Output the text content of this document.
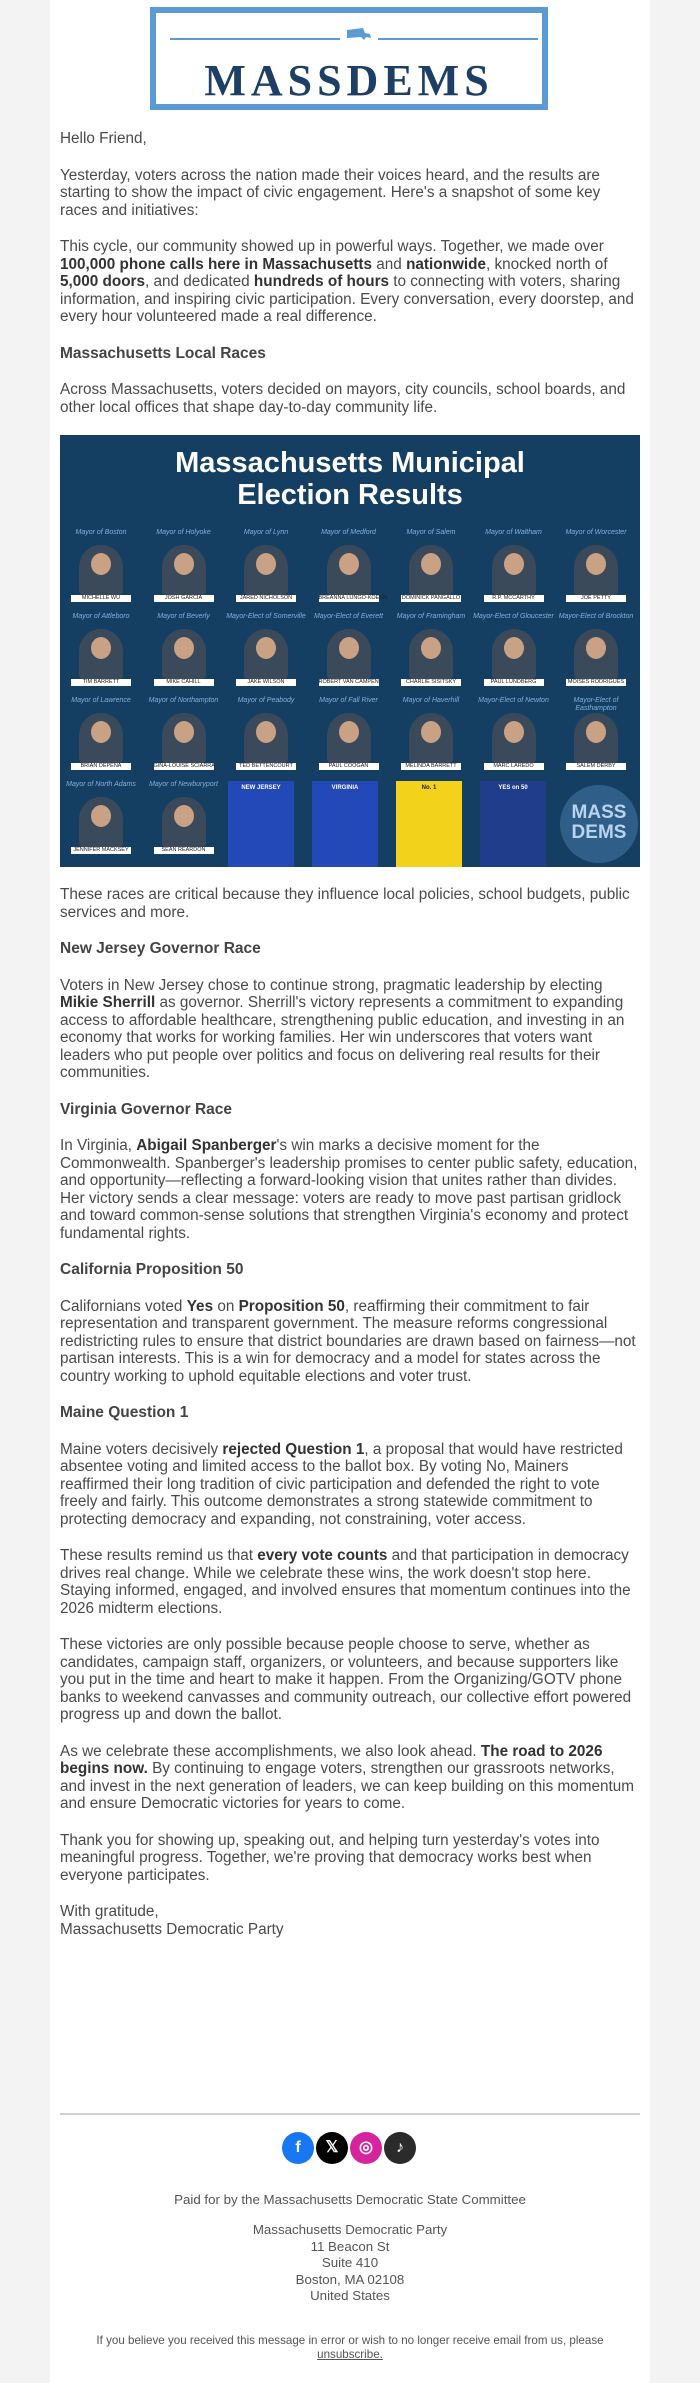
MASSDEMS

Hello Friend,

Yesterday, voters across the nation made their voices heard, and the results are starting to show the impact of civic engagement. Here's a snapshot of some key races and initiatives:

This cycle, our community showed up in powerful ways. Together, we made over 100,000 phone calls here in Massachusetts and nationwide, knocked north of 5,000 doors, and dedicated hundreds of hours to connecting with voters, sharing information, and inspiring civic participation. Every conversation, every doorstep, and every hour volunteered made a real difference.

Massachusetts Local Races

Across Massachusetts, voters decided on mayors, city councils, school boards, and other local offices that shape day-to-day community life.

Massachusetts Municipal
Election Results
Mayor of Boston
MICHELLE WU
Mayor of Holyoke
JOSH GARCIA
Mayor of Lynn
JARED NICHOLSON
Mayor of Medford
BREANNA LUNGO-KOEHN
Mayor of Salem
DOMINICK PANGALLO
Mayor of Waltham
R.P. MCCARTHY
Mayor of Worcester
JOE PETTY
Mayor of Attleboro
TIM BARRETT
Mayor of Beverly
MIKE CAHILL
Mayor-Elect of Somerville
JAKE WILSON
Mayor-Elect of Everett
ROBERT VAN CAMPEN
Mayor of Framingham
CHARLIE SISITSKY
Mayor-Elect of Gloucester
PAUL LUNDBERG
Mayor-Elect of Brockton
MOISES RODRIGUES
Mayor of Lawrence
BRIAN DEPENA
Mayor of Northampton
GINA-LOUISE SCIARRA
Mayor of Peabody
TED BETTENCOURT
Mayor of Fall River
PAUL COOGAN
Mayor of Haverhill
MELINDA BARRETT
Mayor-Elect of Newton
MARC LAREDO
Mayor-Elect of Easthampton
SALEM DERBY
Mayor of North Adams
JENNIFER MACKSEY
Mayor of Newburyport
SEAN REARDON
NEW JERSEY	VIRGINIA	No. 1	YES on 50
MASS
DEMS

These races are critical because they influence local policies, school budgets, public services and more.

New Jersey Governor Race

Voters in New Jersey chose to continue strong, pragmatic leadership by electing Mikie Sherrill as governor. Sherrill's victory represents a commitment to expanding access to affordable healthcare, strengthening public education, and investing in an economy that works for working families. Her win underscores that voters want leaders who put people over politics and focus on delivering real results for their communities.

Virginia Governor Race

In Virginia, Abigail Spanberger's win marks a decisive moment for the Commonwealth. Spanberger's leadership promises to center public safety, education, and opportunity—reflecting a forward-looking vision that unites rather than divides. Her victory sends a clear message: voters are ready to move past partisan gridlock and toward common-sense solutions that strengthen Virginia's economy and protect fundamental rights.

California Proposition 50

Californians voted Yes on Proposition 50, reaffirming their commitment to fair representation and transparent government. The measure reforms congressional redistricting rules to ensure that district boundaries are drawn based on fairness—not partisan interests. This is a win for democracy and a model for states across the country working to uphold equitable elections and voter trust.

Maine Question 1

Maine voters decisively rejected Question 1, a proposal that would have restricted absentee voting and limited access to the ballot box. By voting No, Mainers reaffirmed their long tradition of civic participation and defended the right to vote freely and fairly. This outcome demonstrates a strong statewide commitment to protecting democracy and expanding, not constraining, voter access.

These results remind us that every vote counts and that participation in democracy drives real change. While we celebrate these wins, the work doesn't stop here. Staying informed, engaged, and involved ensures that momentum continues into the 2026 midterm elections.

These victories are only possible because people choose to serve, whether as candidates, campaign staff, organizers, or volunteers, and because supporters like you put in the time and heart to make it happen. From the Organizing/GOTV phone banks to weekend canvasses and community outreach, our collective effort powered progress up and down the ballot.

As we celebrate these accomplishments, we also look ahead. The road to 2026 begins now. By continuing to engage voters, strengthen our grassroots networks, and invest in the next generation of leaders, we can keep building on this momentum and ensure Democratic victories for years to come.

Thank you for showing up, speaking out, and helping turn yesterday's votes into meaningful progress. Together, we're proving that democracy works best when everyone participates.

With gratitude,
Massachusetts Democratic Party

f	𝕏	◎	♪
Paid for by the Massachusetts Democratic State Committee
Massachusetts Democratic Party
11 Beacon St
Suite 410
Boston, MA 02108
United States
If you believe you received this message in error or wish to no longer receive email from us, please
unsubscribe.
